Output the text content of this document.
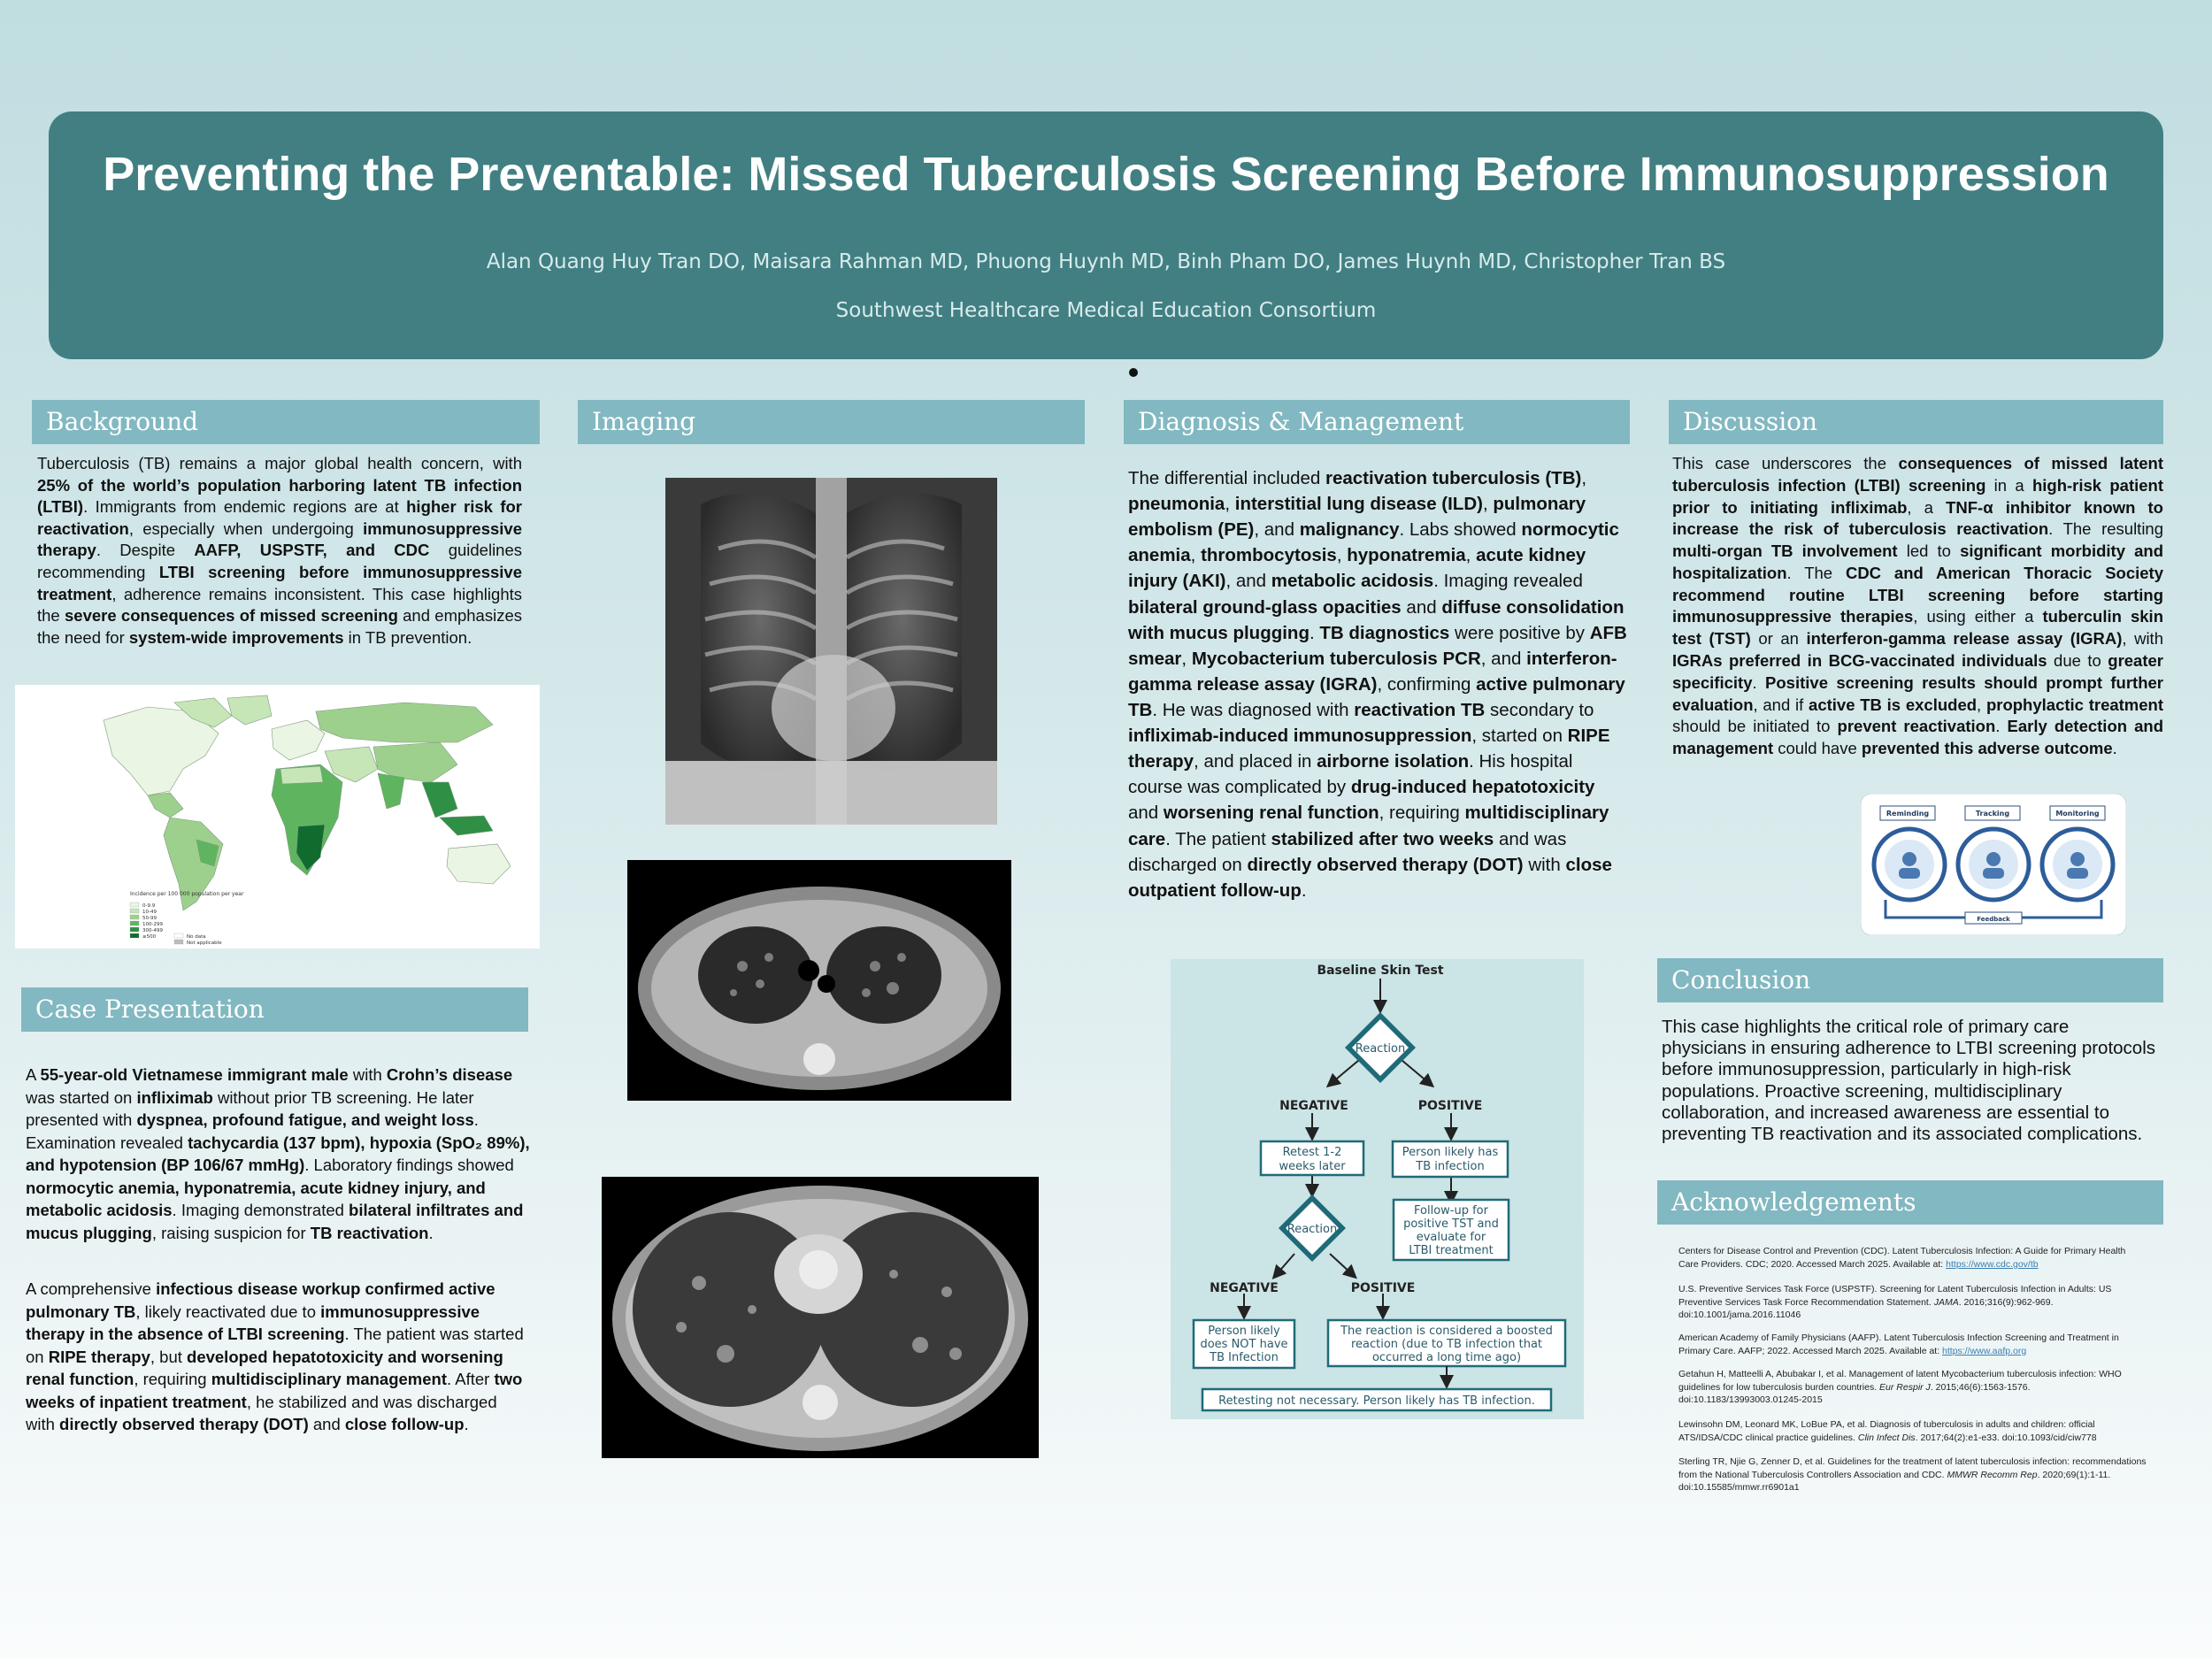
Preventing the Preventable: Missed Tuberculosis Screening Before Immunosuppression
Alan Quang Huy Tran DO, Maisara Rahman MD, Phuong Huynh MD, Binh Pham DO, James Huynh MD, Christopher Tran BS
Southwest Healthcare Medical Education Consortium
Background	Imaging	Diagnosis & Management	Discussion
Case Presentation
Conclusion
Acknowledgements
Tuberculosis (TB) remains a major global health concern, with 25% of the world’s population harboring latent TB infection (LTBI). Immigrants from endemic regions are at higher risk for reactivation, especially when undergoing immunosuppressive therapy. Despite AAFP, USPSTF, and CDC guidelines recommending LTBI screening before immunosuppressive treatment, adherence remains inconsistent. This case highlights the severe consequences of missed screening and emphasizes the need for system-wide improvements in TB prevention.
Incidence per 100 000 population per year
0-9.9
10-49
50-99
100-299
300-499
≥500	No data
Not applicable
A 55-year-old Vietnamese immigrant male with Crohn’s disease was started on infliximab without prior TB screening. He later presented with dyspnea, profound fatigue, and weight loss. Examination revealed tachycardia (137 bpm), hypoxia (SpO₂ 89%), and hypotension (BP 106/67 mmHg). Laboratory findings showed normocytic anemia, hyponatremia, acute kidney injury, and metabolic acidosis. Imaging demonstrated bilateral infiltrates and mucus plugging, raising suspicion for TB reactivation.
A comprehensive infectious disease workup confirmed active pulmonary TB, likely reactivated due to immunosuppressive therapy in the absence of LTBI screening. The patient was started on RIPE therapy, but developed hepatotoxicity and worsening renal function, requiring multidisciplinary management. After two weeks of inpatient treatment, he stabilized and was discharged with directly observed therapy (DOT) and close follow-up.
The differential included reactivation tuberculosis (TB), pneumonia, interstitial lung disease (ILD), pulmonary embolism (PE), and malignancy. Labs showed normocytic anemia, thrombocytosis, hyponatremia, acute kidney injury (AKI), and metabolic acidosis. Imaging revealed bilateral ground-glass opacities and diffuse consolidation with mucus plugging. TB diagnostics were positive by AFB smear, Mycobacterium tuberculosis PCR, and interferon-gamma release assay (IGRA), confirming active pulmonary TB. He was diagnosed with reactivation TB secondary to infliximab-induced immunosuppression, started on RIPE therapy, and placed in airborne isolation. His hospital course was complicated by drug-induced hepatotoxicity and worsening renal function, requiring multidisciplinary care. The patient stabilized after two weeks and was discharged on directly observed therapy (DOT) with close outpatient follow-up.
Baseline Skin Test
Reaction
NEGATIVE	POSITIVE
Retest 1-2
weeks later
Person likely has
TB infection
Follow-up for
positive TST and
evaluate for
LTBI treatment
Reaction
NEGATIVE	POSITIVE
Person likely
does NOT have
TB Infection
The reaction is considered a boosted
reaction (due to TB infection that
occurred a long time ago)
Retesting not necessary. Person likely has TB infection.
This case underscores the consequences of missed latent tuberculosis infection (LTBI) screening in a high-risk patient prior to initiating infliximab, a TNF-α inhibitor known to increase the risk of tuberculosis reactivation. The resulting multi-organ TB involvement led to significant morbidity and hospitalization. The CDC and American Thoracic Society recommend routine LTBI screening before starting immunosuppressive therapies, using either a tuberculin skin test (TST) or an interferon-gamma release assay (IGRA), with IGRAs preferred in BCG-vaccinated individuals due to greater specificity. Positive screening results should prompt further evaluation, and if active TB is excluded, prophylactic treatment should be initiated to prevent reactivation. Early detection and management could have prevented this adverse outcome.
Reminding	Tracking	Monitoring
Feedback
This case highlights the critical role of primary care physicians in ensuring adherence to LTBI screening protocols before immunosuppression, particularly in high-risk populations. Proactive screening, multidisciplinary collaboration, and increased awareness are essential to preventing TB reactivation and its associated complications.
Centers for Disease Control and Prevention (CDC). Latent Tuberculosis Infection: A Guide for Primary Health Care Providers. CDC; 2020. Accessed March 2025. Available at: https://www.cdc.gov/tb
U.S. Preventive Services Task Force (USPSTF). Screening for Latent Tuberculosis Infection in Adults: US Preventive Services Task Force Recommendation Statement. JAMA. 2016;316(9):962-969. doi:10.1001/jama.2016.11046
American Academy of Family Physicians (AAFP). Latent Tuberculosis Infection Screening and Treatment in Primary Care. AAFP; 2022. Accessed March 2025. Available at: https://www.aafp.org
Getahun H, Matteelli A, Abubakar I, et al. Management of latent Mycobacterium tuberculosis infection: WHO guidelines for low tuberculosis burden countries. Eur Respir J. 2015;46(6):1563-1576. doi:10.1183/13993003.01245-2015
Lewinsohn DM, Leonard MK, LoBue PA, et al. Diagnosis of tuberculosis in adults and children: official ATS/IDSA/CDC clinical practice guidelines. Clin Infect Dis. 2017;64(2):e1-e33. doi:10.1093/cid/ciw778
Sterling TR, Njie G, Zenner D, et al. Guidelines for the treatment of latent tuberculosis infection: recommendations from the National Tuberculosis Controllers Association and CDC. MMWR Recomm Rep. 2020;69(1):1-11. doi:10.15585/mmwr.rr6901a1
